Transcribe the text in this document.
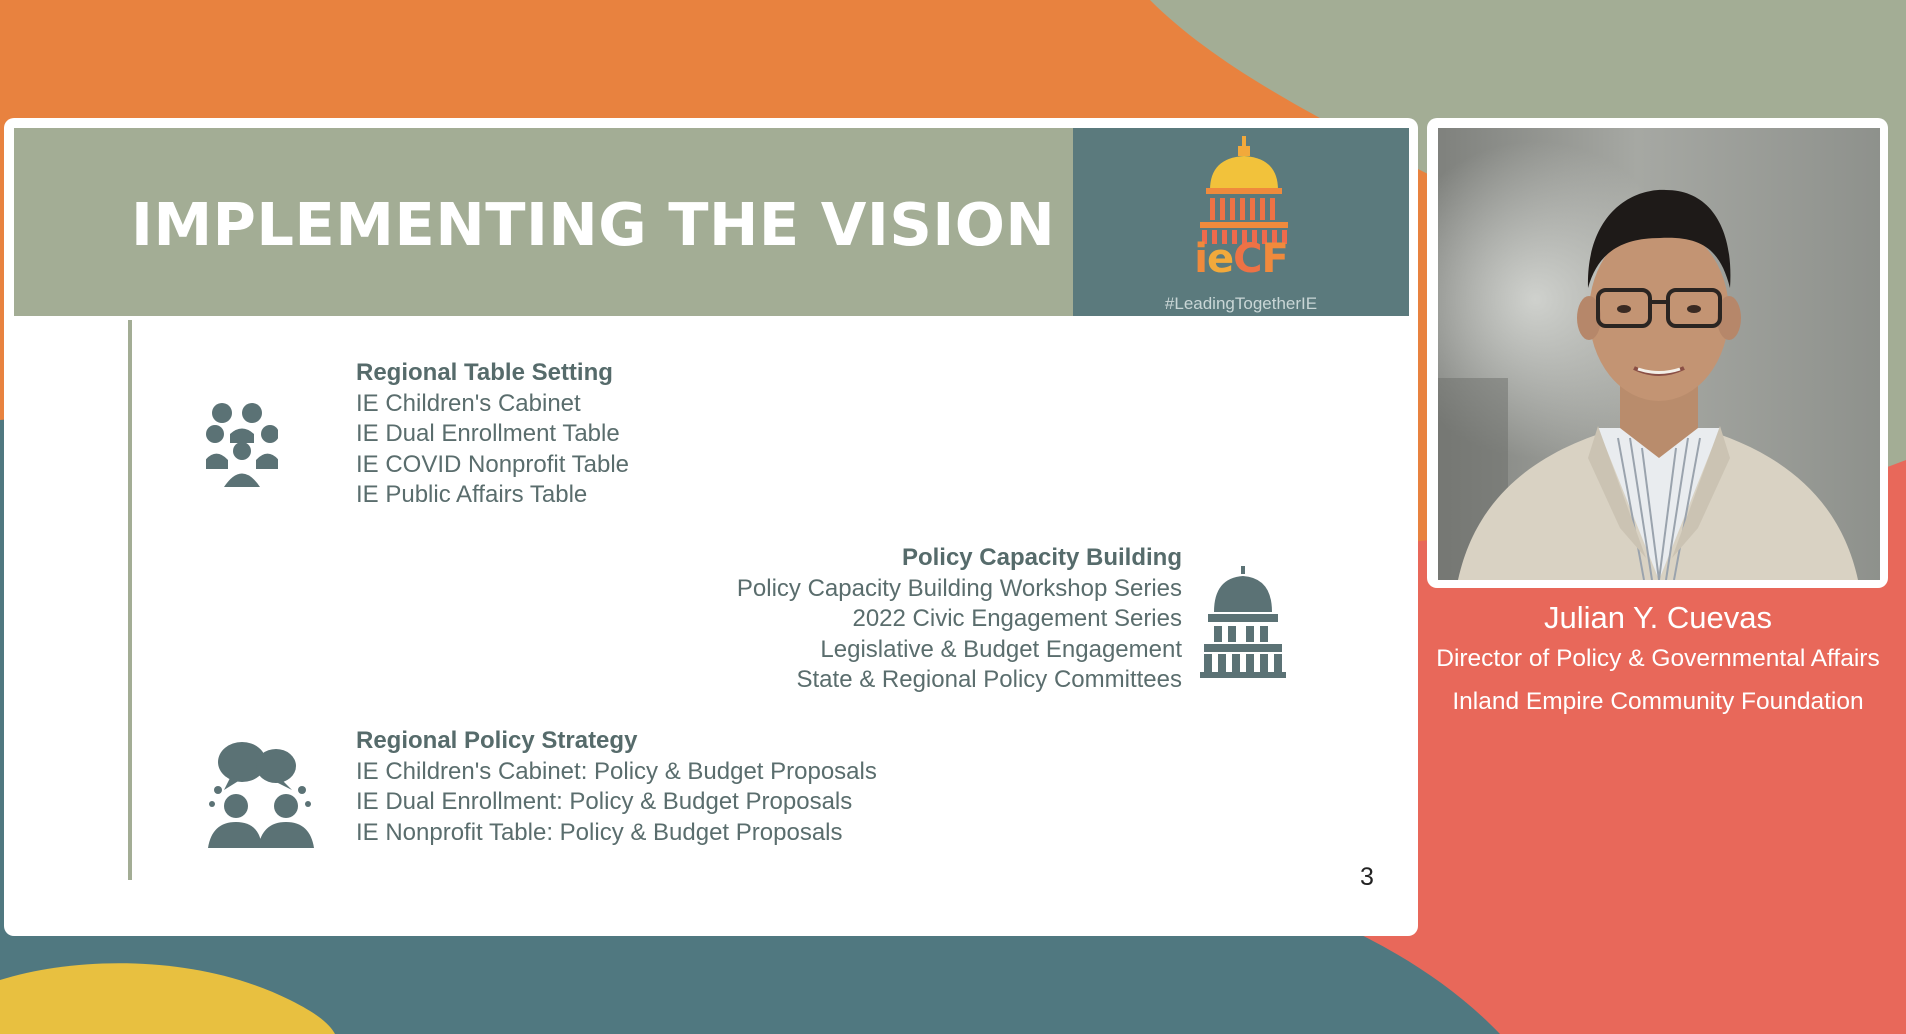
IMPLEMENTING THE VISION	ieCF
#LeadingTogetherIE
Regional Table Setting
IE Children's Cabinet
IE Dual Enrollment Table
IE COVID Nonprofit Table
IE Public Affairs Table
Policy Capacity Building
Policy Capacity Building Workshop Series
2022 Civic Engagement Series
Legislative & Budget Engagement
State & Regional Policy Committees
Regional Policy Strategy
IE Children's Cabinet: Policy & Budget Proposals
IE Dual Enrollment: Policy & Budget Proposals
IE Nonprofit Table: Policy & Budget Proposals
3
Julian Y. Cuevas
Director of Policy & Governmental Affairs
Inland Empire Community Foundation
